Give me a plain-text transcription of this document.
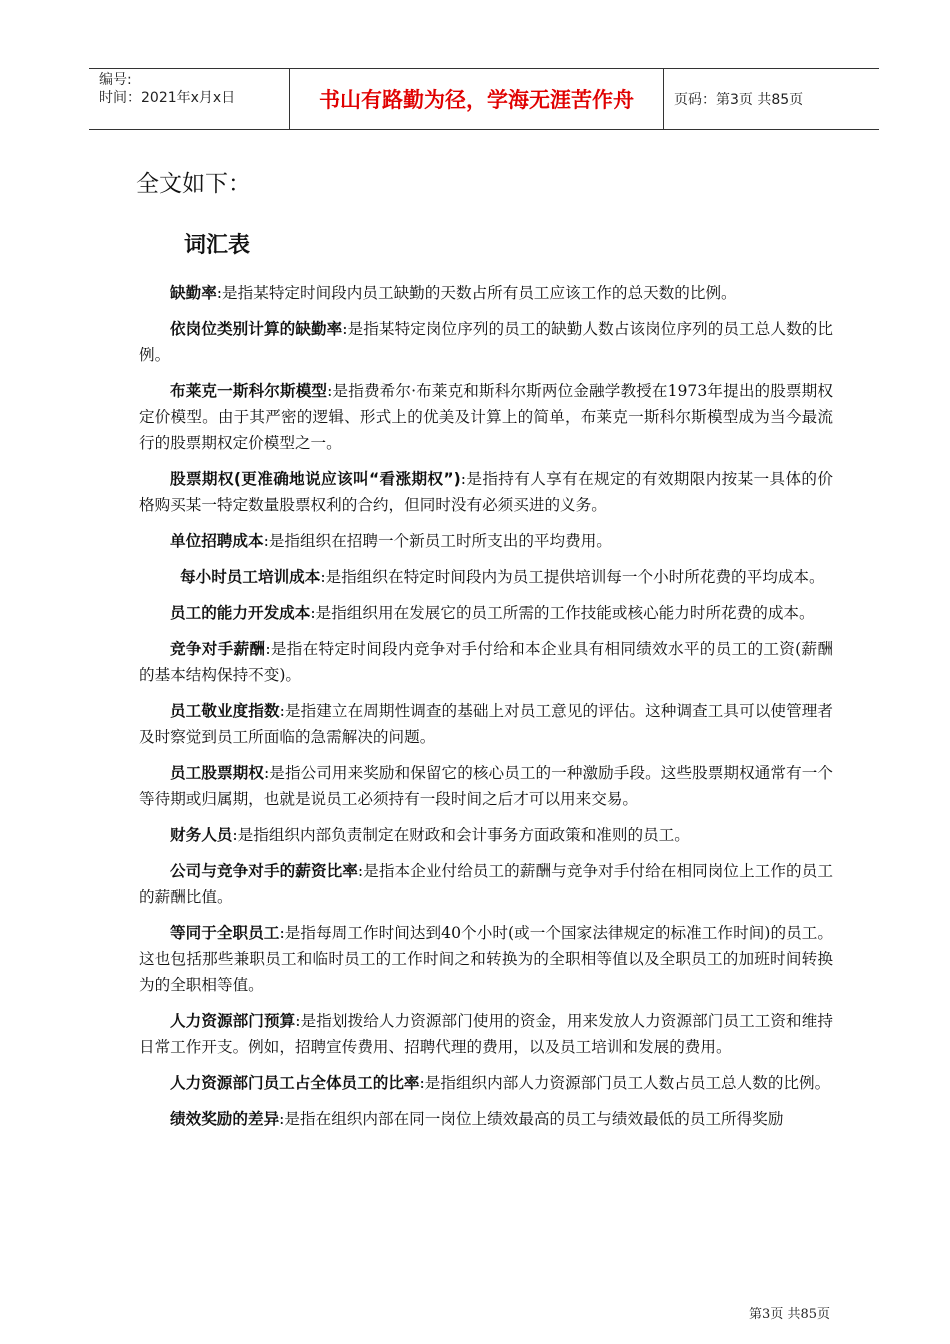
编号:
时间：2021年x月x日	书山有路勤为径，学海无涯苦作舟	页码：第3页 共85页
全文如下：
词汇表

缺勤率:是指某特定时间段内员工缺勤的天数占所有员工应该工作的总天数的比例。

依岗位类别计算的缺勤率:是指某特定岗位序列的员工的缺勤人数占该岗位序列的员工总人数的比例。

布莱克一斯科尔斯模型:是指费希尔·布莱克和斯科尔斯两位金融学教授在1973年提出的股票期权定价模型。由于其严密的逻辑、形式上的优美及计算上的简单，布莱克一斯科尔斯模型成为当今最流行的股票期权定价模型之一。

股票期权(更准确地说应该叫“看涨期权”):是指持有人享有在规定的有效期限内按某一具体的价格购买某一特定数量股票权利的合约，但同时没有必须买进的义务。

单位招聘成本:是指组织在招聘一个新员工时所支出的平均费用。

每小时员工培训成本:是指组织在特定时间段内为员工提供培训每一个小时所花费的平均成本。

员工的能力开发成本:是指组织用在发展它的员工所需的工作技能或核心能力时所花费的成本。

竞争对手薪酬:是指在特定时间段内竞争对手付给和本企业具有相同绩效水平的员工的工资(薪酬的基本结构保持不变)。

员工敬业度指数:是指建立在周期性调查的基础上对员工意见的评估。这种调查工具可以使管理者及时察觉到员工所面临的急需解决的问题。

员工股票期权:是指公司用来奖励和保留它的核心员工的一种激励手段。这些股票期权通常有一个等待期或归属期，也就是说员工必须持有一段时间之后才可以用来交易。

财务人员:是指组织内部负责制定在财政和会计事务方面政策和准则的员工。

公司与竞争对手的薪资比率:是指本企业付给员工的薪酬与竞争对手付给在相同岗位上工作的员工的薪酬比值。

等同于全职员工:是指每周工作时间达到40个小时(或一个国家法律规定的标准工作时间)的员工。这也包括那些兼职员工和临时员工的工作时间之和转换为的全职相等值以及全职员工的加班时间转换为的全职相等值。

人力资源部门预算:是指划拨给人力资源部门使用的资金，用来发放人力资源部门员工工资和维持日常工作开支。例如，招聘宣传费用、招聘代理的费用，以及员工培训和发展的费用。

人力资源部门员工占全体员工的比率:是指组织内部人力资源部门员工人数占员工总人数的比例。

绩效奖励的差异:是指在组织内部在同一岗位上绩效最高的员工与绩效最低的员工所得奖励

第3页 共85页
